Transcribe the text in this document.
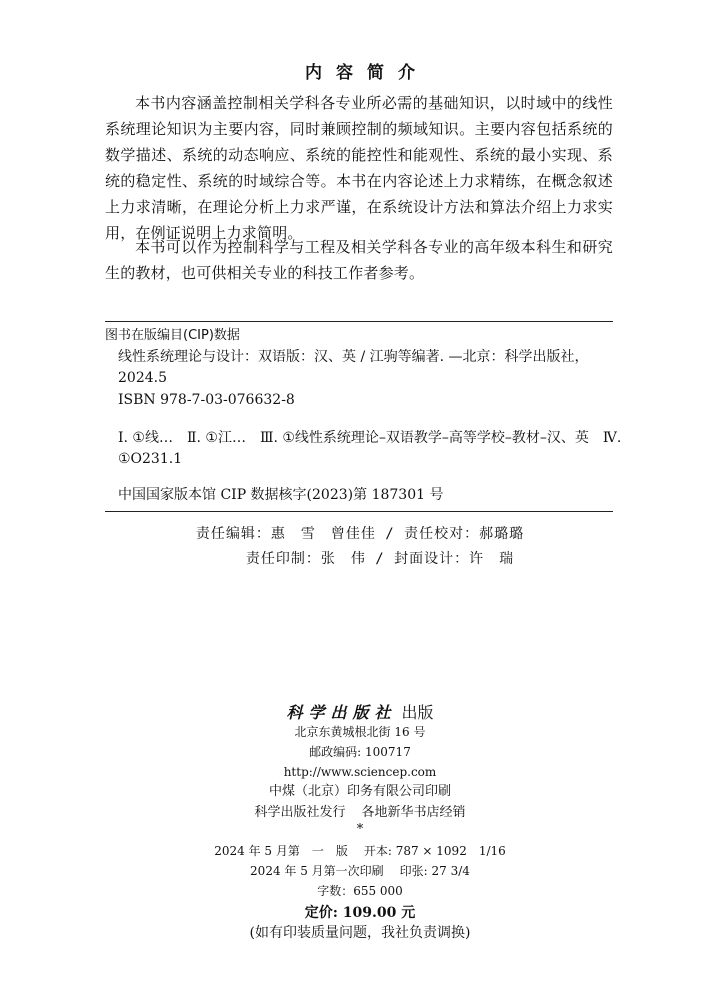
内容简介
本书内容涵盖控制相关学科各专业所必需的基础知识，以时域中的线性系统理论知识为主要内容，同时兼顾控制的频域知识。主要内容包括系统的数学描述、系统的动态响应、系统的能控性和能观性、系统的最小实现、系统的稳定性、系统的时域综合等。本书在内容论述上力求精练，在概念叙述上力求清晰，在理论分析上力求严谨，在系统设计方法和算法介绍上力求实用，在例证说明上力求简明。
本书可以作为控制科学与工程及相关学科各专业的高年级本科生和研究生的教材，也可供相关专业的科技工作者参考。
图书在版编目(CIP)数据
线性系统理论与设计：双语版：汉、英 / 江驹等编著. —北京：科学出版社，2024.5
ISBN 978-7-03-076632-8
Ⅰ. ①线…　Ⅱ. ①江…　Ⅲ. ①线性系统理论–双语教学–高等学校–教材–汉、英　Ⅳ. ①O231.1
中国国家版本馆 CIP 数据核字(2023)第 187301 号
责任编辑：惠　雪　曾佳佳 / 责任校对：郝璐璐
责任印制：张　伟 / 封面设计：许　瑞
科学出版社 出版
北京东黄城根北街 16 号
邮政编码: 100717
http://www.sciencep.com
中煤（北京）印务有限公司印刷
科学出版社发行 各地新华书店经销
*
2024 年 5 月第　一　版 开本: 787 × 1092　1/16
2024 年 5 月第一次印刷 印张: 27 3/4
字数：655 000
定价: 109.00 元
(如有印装质量问题，我社负责调换)
